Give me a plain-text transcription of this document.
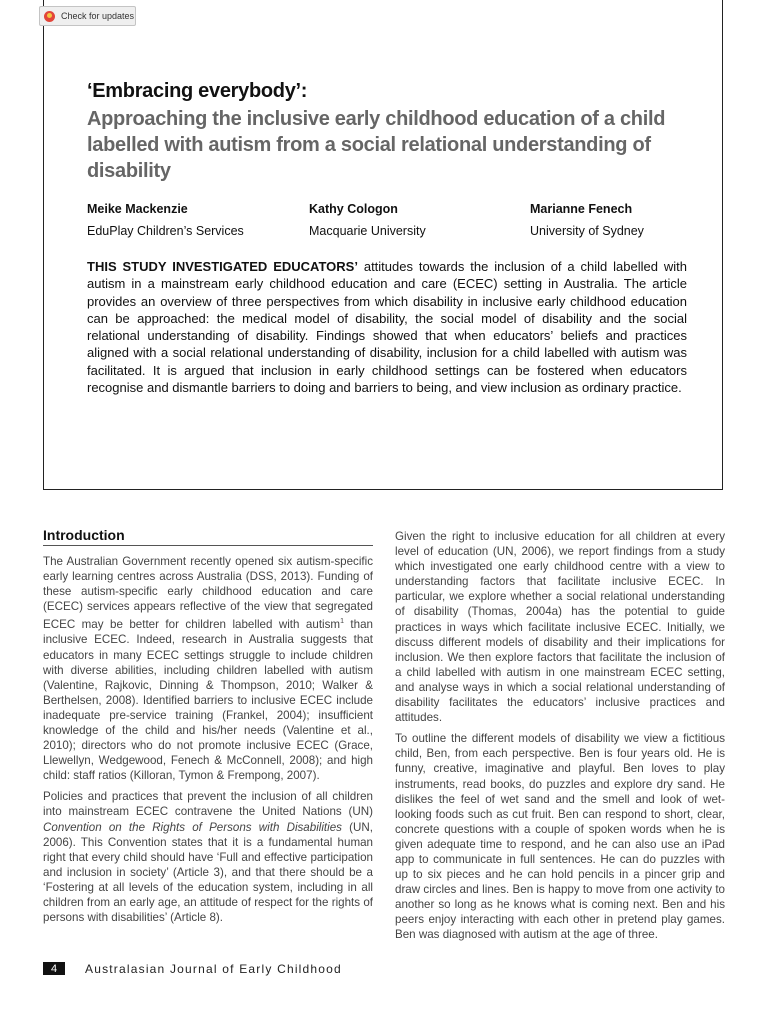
Check for updates
‘Embracing everybody’:
Approaching the inclusive early childhood education of a child labelled with autism from a social relational understanding of disability
Meike Mackenzie
EduPlay Children’s Services
Kathy Cologon
Macquarie University
Marianne Fenech
University of Sydney
THIS STUDY INVESTIGATED EDUCATORS’ attitudes towards the inclusion of a child labelled with autism in a mainstream early childhood education and care (ECEC) setting in Australia. The article provides an overview of three perspectives from which disability in inclusive early childhood education can be approached: the medical model of disability, the social model of disability and the social relational understanding of disability. Findings showed that when educators’ beliefs and practices aligned with a social relational understanding of disability, inclusion for a child labelled with autism was facilitated. It is argued that inclusion in early childhood settings can be fostered when educators recognise and dismantle barriers to doing and barriers to being, and view inclusion as ordinary practice.
Introduction

The Australian Government recently opened six autism-specific early learning centres across Australia (DSS, 2013). Funding of these autism-specific early childhood education and care (ECEC) services appears reflective of the view that segregated ECEC may be better for children labelled with autism$^1$ than inclusive ECEC. Indeed, research in Australia suggests that educators in many ECEC settings struggle to include children with diverse abilities, including children labelled with autism (Valentine, Rajkovic, Dinning & Thompson, 2010; Walker & Berthelsen, 2008). Identified barriers to inclusive ECEC include inadequate pre-service training (Frankel, 2004); insufficient knowledge of the child and his/her needs (Valentine et al., 2010); directors who do not promote inclusive ECEC (Grace, Llewellyn, Wedgewood, Fenech & McConnell, 2008); and high child: staff ratios (Killoran, Tymon & Frempong, 2007).

Policies and practices that prevent the inclusion of all children into mainstream ECEC contravene the United Nations (UN) Convention on the Rights of Persons with Disabilities (UN, 2006). This Convention states that it is a fundamental human right that every child should have ‘Full and effective participation and inclusion in society’ (Article 3), and that there should be a ‘Fostering at all levels of the education system, including in all children from an early age, an attitude of respect for the rights of persons with disabilities’ (Article 8).

Given the right to inclusive education for all children at every level of education (UN, 2006), we report findings from a study which investigated one early childhood centre with a view to understanding factors that facilitate inclusive ECEC. In particular, we explore whether a social relational understanding of disability (Thomas, 2004a) has the potential to guide practices in ways which facilitate inclusive ECEC. Initially, we discuss different models of disability and their implications for inclusion. We then explore factors that facilitate the inclusion of a child labelled with autism in one mainstream ECEC setting, and analyse ways in which a social relational understanding of disability facilitates the educators’ inclusive practices and attitudes.

To outline the different models of disability we view a fictitious child, Ben, from each perspective. Ben is four years old. He is funny, creative, imaginative and playful. Ben loves to play instruments, read books, do puzzles and explore dry sand. He dislikes the feel of wet sand and the smell and look of wet-looking foods such as cut fruit. Ben can respond to short, clear, concrete questions with a couple of spoken words when he is given adequate time to respond, and he can also use an iPad app to communicate in full sentences. He can do puzzles with up to six pieces and he can hold pencils in a pincer grip and draw circles and lines. Ben is happy to move from one activity to another so long as he knows what is coming next. Ben and his peers enjoy interacting with each other in pretend play games. Ben was diagnosed with autism at the age of three.

4	Australasian Journal of Early Childhood
